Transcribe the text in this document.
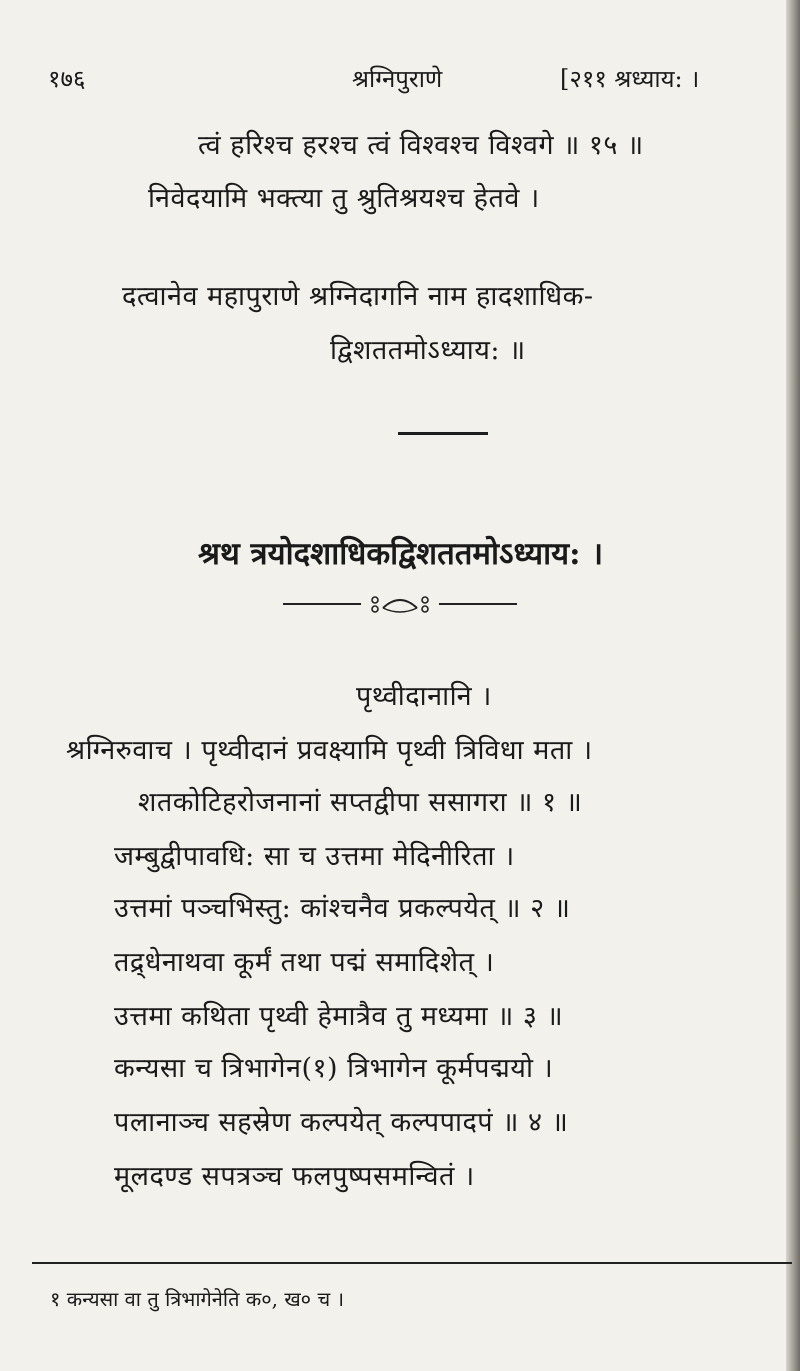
१७६	श्रग्निपुराणे	[२११ श्रध्याय: ।
त्वं हरिश्च हरश्च त्वं विश्वश्च विश्वगे ॥ १५ ॥
निवेदयामि भक्त्या तु श्रुतिश्रयश्च हेतवे ।
दत्वानेव महापुराणे श्रग्निदागनि नाम हादशाधिक-
द्विशततमोऽध्याय: ॥
श्रथ त्रयोदशाधिकद्विशततमोऽध्याय: ।
पृथ्वीदानानि ।
श्रग्निरुवाच । पृथ्वीदानं प्रवक्ष्यामि पृथ्वी त्रिविधा मता ।
शतकोटिहरोजनानां सप्तद्वीपा ससागरा ॥ १ ॥
जम्बुद्वीपावधि: सा च उत्तमा मेदिनीरिता ।
उत्तमां पञ्चभिस्तु: कांश्चनैव प्रकल्पयेत् ॥ २ ॥
तद्र्धेनाथवा कूर्मं तथा पद्मं समादिशेत् ।
उत्तमा कथिता पृथ्वी हेमात्रैव तु मध्यमा ॥ ३ ॥
कन्यसा च त्रिभागेन(१) त्रिभागेन कूर्मपद्मयो ।
पलानाञ्च सहस्रेण कल्पयेत् कल्पपादपं ॥ ४ ॥
मूलदण्ड सपत्रञ्च फलपुष्पसमन्वितं ।
१ कन्यसा वा तु त्रिभागेनेति क०, ख० च ।
